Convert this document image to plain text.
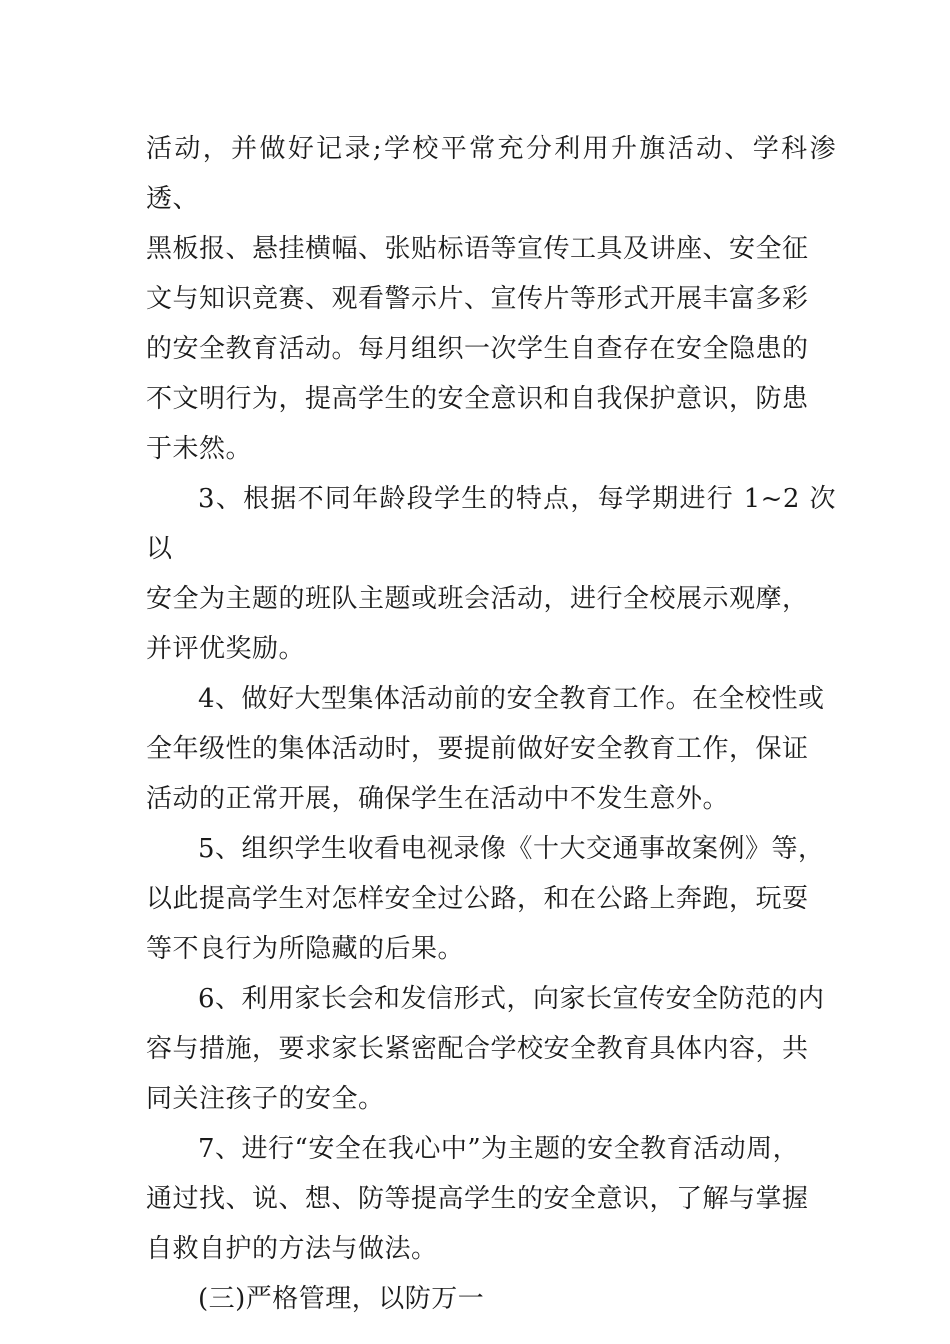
活动，并做好记录;学校平常充分利用升旗活动、学科渗透、
黑板报、悬挂横幅、张贴标语等宣传工具及讲座、安全征
文与知识竞赛、观看警示片、宣传片等形式开展丰富多彩
的安全教育活动。每月组织一次学生自查存在安全隐患的
不文明行为，提高学生的安全意识和自我保护意识，防患
于未然。
3、根据不同年龄段学生的特点，每学期进行 1~2 次以
安全为主题的班队主题或班会活动，进行全校展示观摩，
并评优奖励。
4、做好大型集体活动前的安全教育工作。在全校性或
全年级性的集体活动时，要提前做好安全教育工作，保证
活动的正常开展，确保学生在活动中不发生意外。
5、组织学生收看电视录像《十大交通事故案例》等，
以此提高学生对怎样安全过公路，和在公路上奔跑，玩耍
等不良行为所隐藏的后果。
6、利用家长会和发信形式，向家长宣传安全防范的内
容与措施，要求家长紧密配合学校安全教育具体内容，共
同关注孩子的安全。
7、进行“安全在我心中”为主题的安全教育活动周，
通过找、说、想、防等提高学生的安全意识，了解与掌握
自救自护的方法与做法。
(三)严格管理，以防万一
